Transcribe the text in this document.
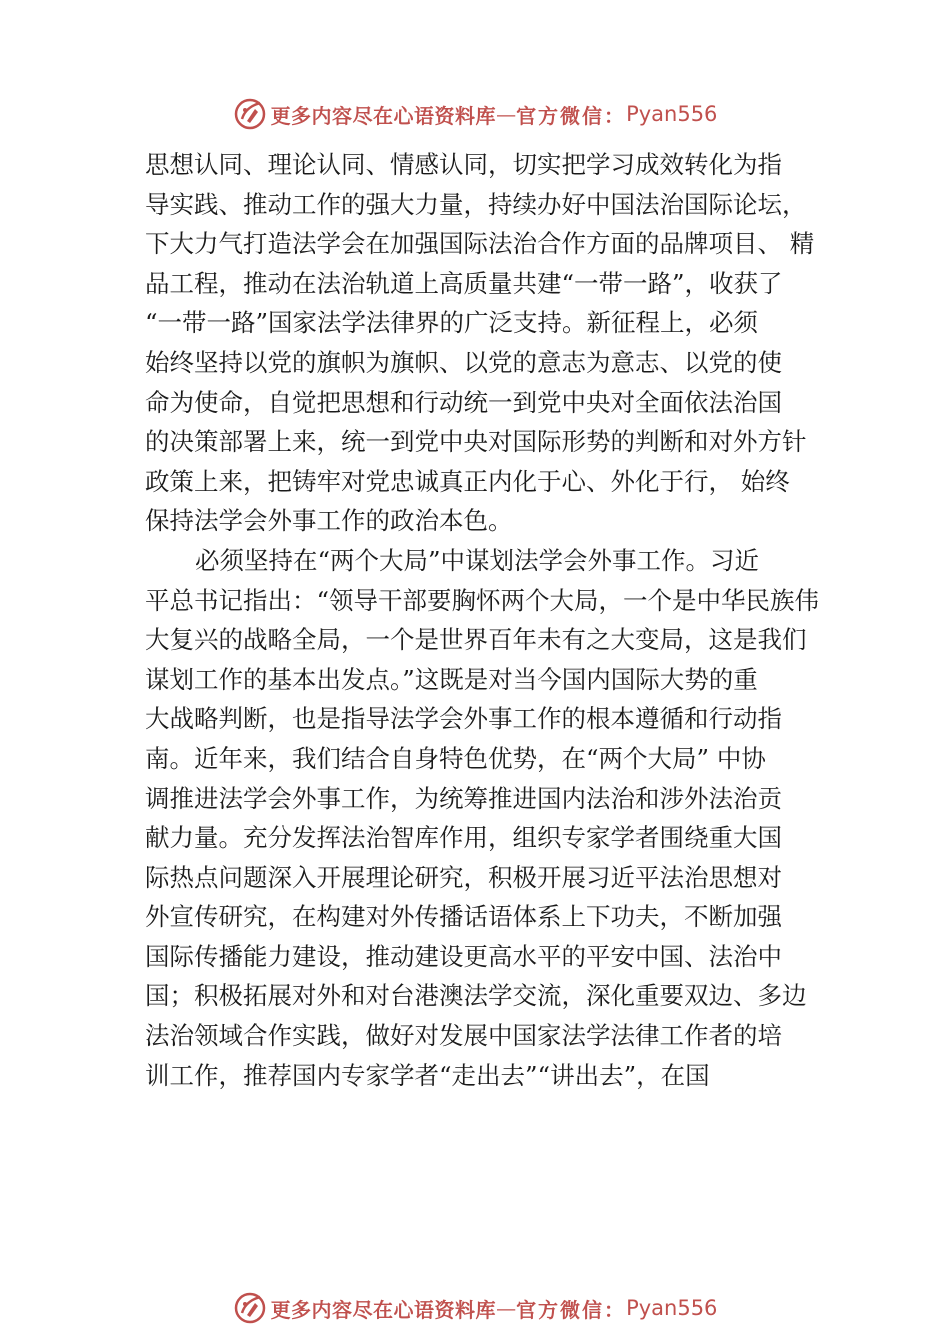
更多内容尽在心语资料库 — 官方微信： Pyan556
思想认同、理论认同、情感认同，切实把学习成效转化为指
导实践、推动工作的强大力量，持续办好中国法治国际论坛，
下大力气打造法学会在加强国际法治合作方面的品牌项目、 精
品工程，推动在法治轨道上高质量共建“一带一路”，收获了
“一带一路”国家法学法律界的广泛支持。新征程上，必须
始终坚持以党的旗帜为旗帜、以党的意志为意志、以党的使
命为使命，自觉把思想和行动统一到党中央对全面依法治国
的决策部署上来，统一到党中央对国际形势的判断和对外方针
政策上来，把铸牢对党忠诚真正内化于心、外化于行， 始终
保持法学会外事工作的政治本色。
必须坚持在“两个大局”中谋划法学会外事工作。习近
平总书记指出：“领导干部要胸怀两个大局，一个是中华民族伟
大复兴的战略全局，一个是世界百年未有之大变局，这是我们
谋划工作的基本出发点。”这既是对当今国内国际大势的重
大战略判断，也是指导法学会外事工作的根本遵循和行动指
南。近年来，我们结合自身特色优势，在“两个大局” 中协
调推进法学会外事工作，为统筹推进国内法治和涉外法治贡
献力量。充分发挥法治智库作用，组织专家学者围绕重大国
际热点问题深入开展理论研究，积极开展习近平法治思想对
外宣传研究，在构建对外传播话语体系上下功夫，不断加强
国际传播能力建设，推动建设更高水平的平安中国、法治中
国；积极拓展对外和对台港澳法学交流，深化重要双边、多边
法治领域合作实践，做好对发展中国家法学法律工作者的培
训工作，推荐国内专家学者“走出去”“讲出去”，在国
更多内容尽在心语资料库 — 官方微信： Pyan556
